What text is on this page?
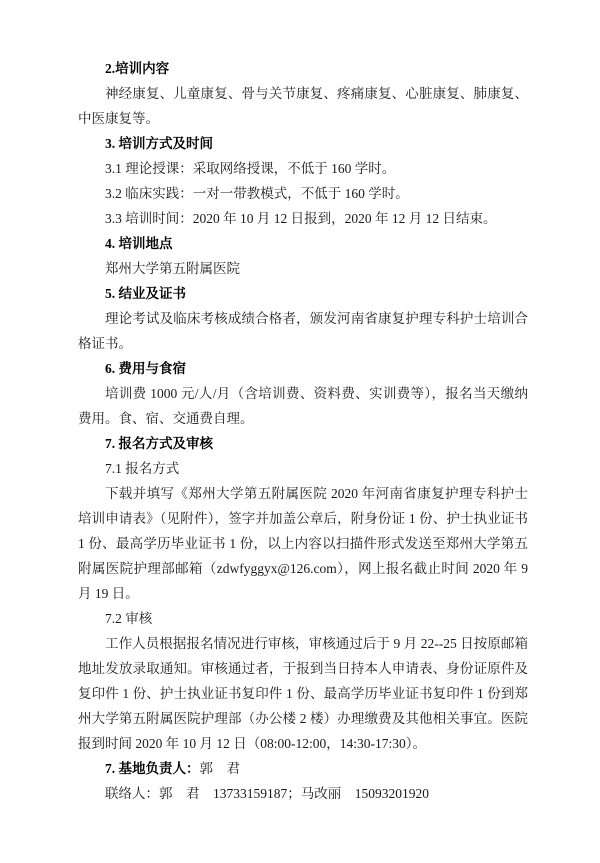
2.培训内容

神经康复、儿童康复、骨与关节康复、疼痛康复、心脏康复、肺康复、中医康复等。

3. 培训方式及时间

3.1 理论授课：采取网络授课，不低于 160 学时。

3.2 临床实践：一对一带教模式，不低于 160 学时。

3.3 培训时间：2020 年 10 月 12 日报到，2020 年 12 月 12 日结束。

4. 培训地点

郑州大学第五附属医院

5. 结业及证书

理论考试及临床考核成绩合格者，颁发河南省康复护理专科护士培训合格证书。

6. 费用与食宿

培训费 1000 元/人/月（含培训费、资料费、实训费等），报名当天缴纳费用。食、宿、交通费自理。

7. 报名方式及审核

7.1 报名方式

下载并填写《郑州大学第五附属医院 2020 年河南省康复护理专科护士培训申请表》（见附件），签字并加盖公章后，附身份证 1 份、护士执业证书 1 份、最高学历毕业证书 1 份，以上内容以扫描件形式发送至郑州大学第五附属医院护理部邮箱（zdwfyggyx@126.com），网上报名截止时间 2020 年 9 月 19 日。

7.2 审核

工作人员根据报名情况进行审核，审核通过后于 9 月 22--25 日按原邮箱地址发放录取通知。审核通过者，于报到当日持本人申请表、身份证原件及复印件 1 份、护士执业证书复印件 1 份、最高学历毕业证书复印件 1 份到郑州大学第五附属医院护理部（办公楼 2 楼）办理缴费及其他相关事宜。医院报到时间 2020 年 10 月 12 日（08:00-12:00，14:30-17:30）。

7. 基地负责人：郭　君

联络人：郭　君　13733159187；马改丽　15093201920
